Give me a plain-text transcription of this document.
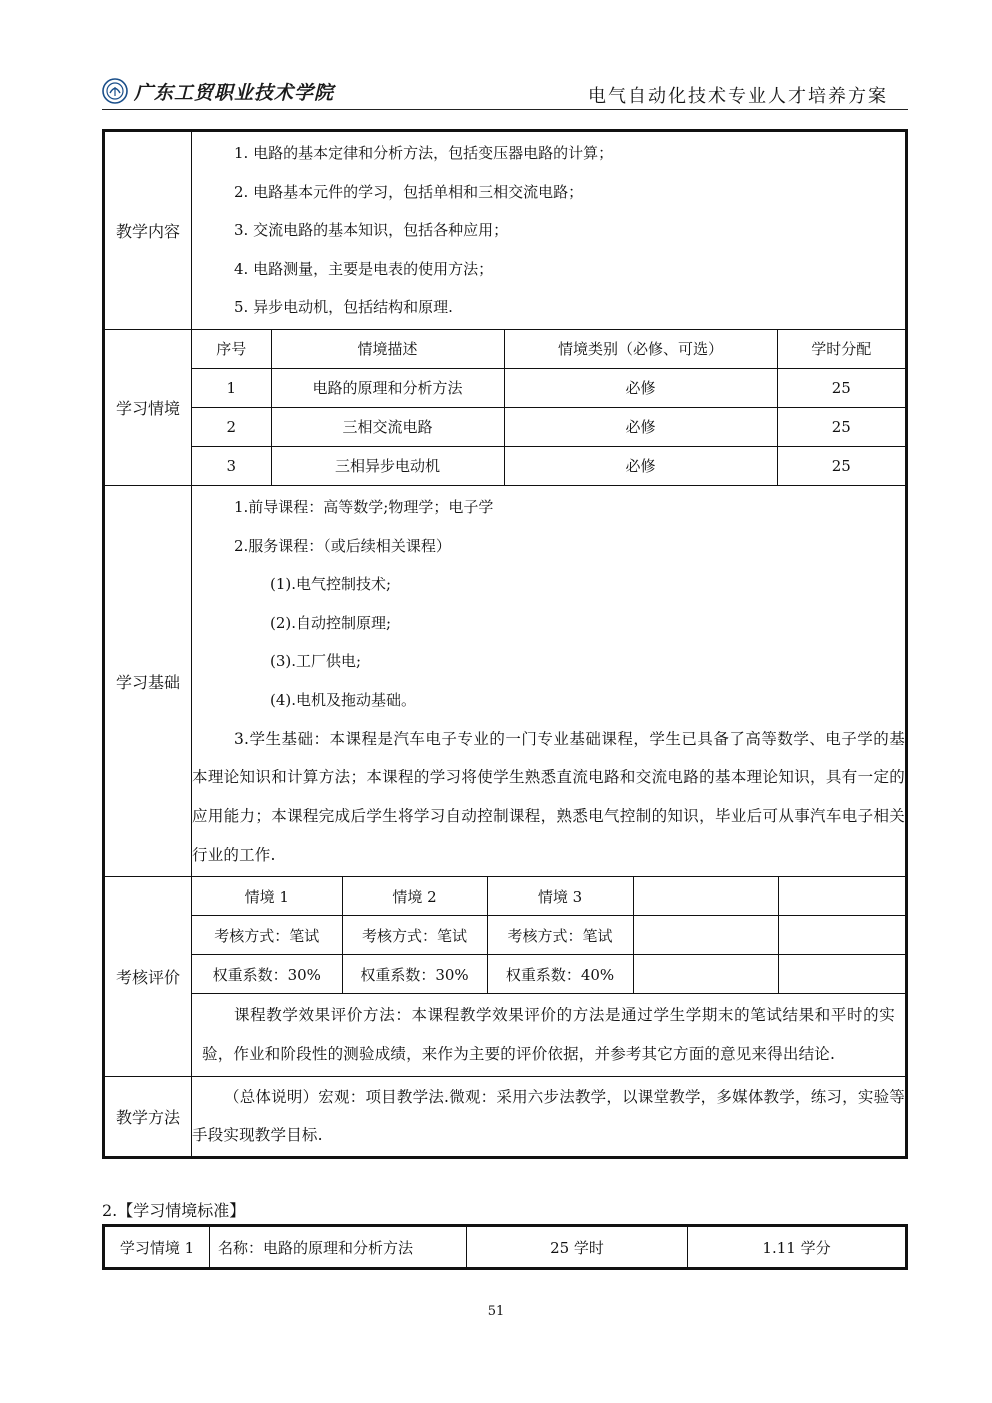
广东工贸职业技术学院	电气自动化技术专业人才培养方案
教学内容	
1. 电路的基本定律和分析方法，包括变压器电路的计算；
2. 电路基本元件的学习，包括单相和三相交流电路；
3. 交流电路的基本知识，包括各种应用；
4. 电路测量，主要是电表的使用方法；
5. 异步电动机，包括结构和原理.

学习情境	
序号	情境描述	情境类别（必修、可选）	学时分配
1	电路的原理和分析方法	必修	25
2	三相交流电路	必修	25
3	三相异步电动机	必修	25

学习基础	
1.前导课程：高等数学;物理学；电子学
2.服务课程：（或后续相关课程）
(1).电气控制技术;
(2).自动控制原理;
(3).工厂供电;
(4).电机及拖动基础。
3.学生基础：本课程是汽车电子专业的一门专业基础课程，学生已具备了高等数学、电子学的基本理论知识和计算方法；本课程的学习将使学生熟悉直流电路和交流电路的基本理论知识，具有一定的应用能力；本课程完成后学生将学习自动控制课程，熟悉电气控制的知识，毕业后可从事汽车电子相关行业的工作.

考核评价	
情境 1	情境 2	情境 3		
考核方式：笔试	考核方式：笔试	考核方式：笔试		
权重系数：30%	权重系数：30%	权重系数：40%		

课程教学效果评价方法：本课程教学效果评价的方法是通过学生学期末的笔试结果和平时的实验，作业和阶段性的测验成绩，来作为主要的评价依据，并参考其它方面的意见来得出结论.

教学方法	
（总体说明）宏观：项目教学法.微观：采用六步法教学，以课堂教学，多媒体教学，练习，实验等手段实现教学目标.
2.【学习情境标准】
学习情境 1	名称：电路的原理和分析方法	25 学时	1.11 学分
51
